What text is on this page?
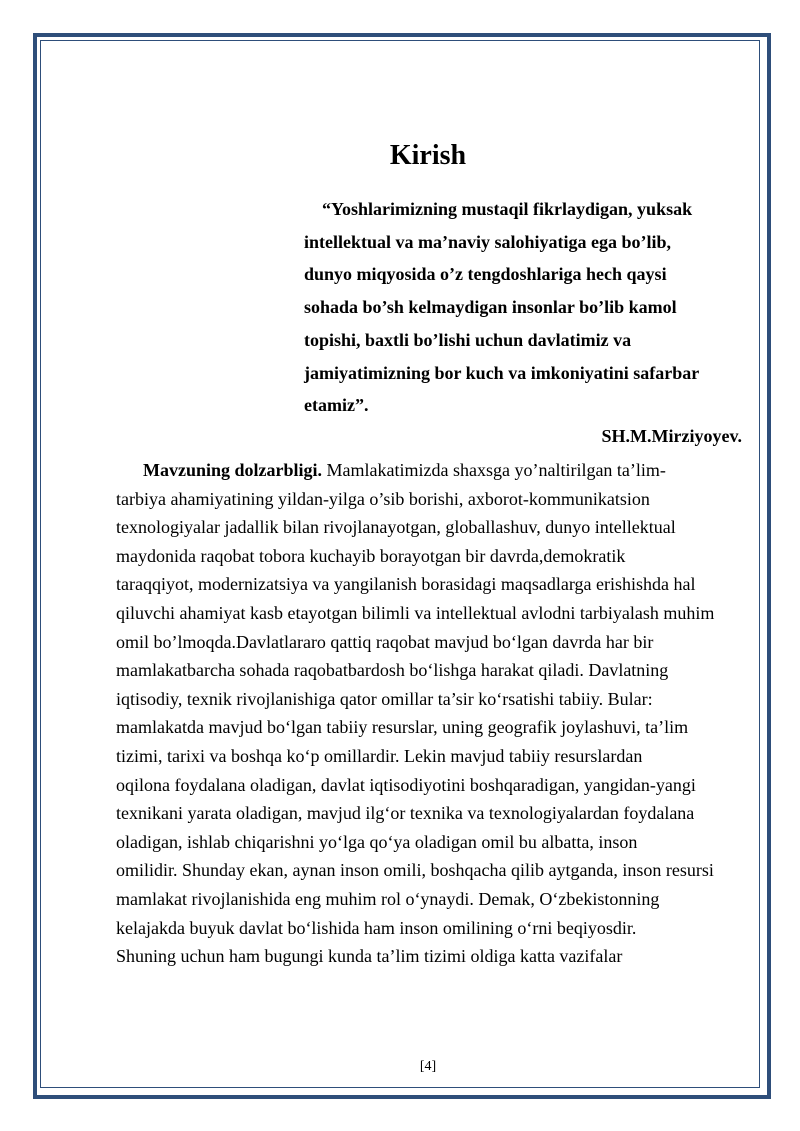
Kirish
“Yoshlarimizning mustaqil fikrlaydigan, yuksak
intellektual va ma’naviy salohiyatiga ega bo’lib,
dunyo miqyosida o’z tengdoshlariga hech qaysi
sohada bo’sh kelmaydigan insonlar bo’lib kamol
topishi, baxtli bo’lishi uchun davlatimiz va
jamiyatimizning bor kuch va imkoniyatini safarbar
etamiz”.
SH.M.Mirziyoyev.
Mavzuning dolzarbligi. Mamlakatimizda shaxsga yo’naltirilgan ta’lim-
tarbiya ahamiyatining yildan-yilga o’sib borishi, axborot-kommunikatsion
texnologiyalar jadallik bilan rivojlanayotgan, globallashuv, dunyo intellektual
maydonida raqobat tobora kuchayib borayotgan bir davrda,demokratik
taraqqiyot, modernizatsiya va yangilanish borasidagi maqsadlarga erishishda hal
qiluvchi ahamiyat kasb etayotgan bilimli va intellektual avlodni tarbiyalash muhim
omil bo’lmoqda.Davlatlararo qattiq raqobat mavjud bo‘lgan davrda har bir
mamlakatbarcha sohada raqobatbardosh bo‘lishga harakat qiladi. Davlatning
iqtisodiy, texnik rivojlanishiga qator omillar ta’sir ko‘rsatishi tabiiy. Bular:
mamlakatda mavjud bo‘lgan tabiiy resurslar, uning geografik joylashuvi, ta’lim
tizimi, tarixi va boshqa ko‘p omillardir. Lekin mavjud tabiiy resurslardan
oqilona foydalana oladigan, davlat iqtisodiyotini boshqaradigan, yangidan-yangi
texnikani yarata oladigan, mavjud ilg‘or texnika va texnologiyalardan foydalana
oladigan, ishlab chiqarishni yo‘lga qo‘ya oladigan omil bu albatta, inson
omilidir. Shunday ekan, aynan inson omili, boshqacha qilib aytganda, inson resursi
mamlakat rivojlanishida eng muhim rol o‘ynaydi. Demak, O‘zbekistonning
kelajakda buyuk davlat bo‘lishida ham inson omilining o‘rni beqiyosdir.
Shuning uchun ham bugungi kunda ta’lim tizimi oldiga katta vazifalar
[4]
